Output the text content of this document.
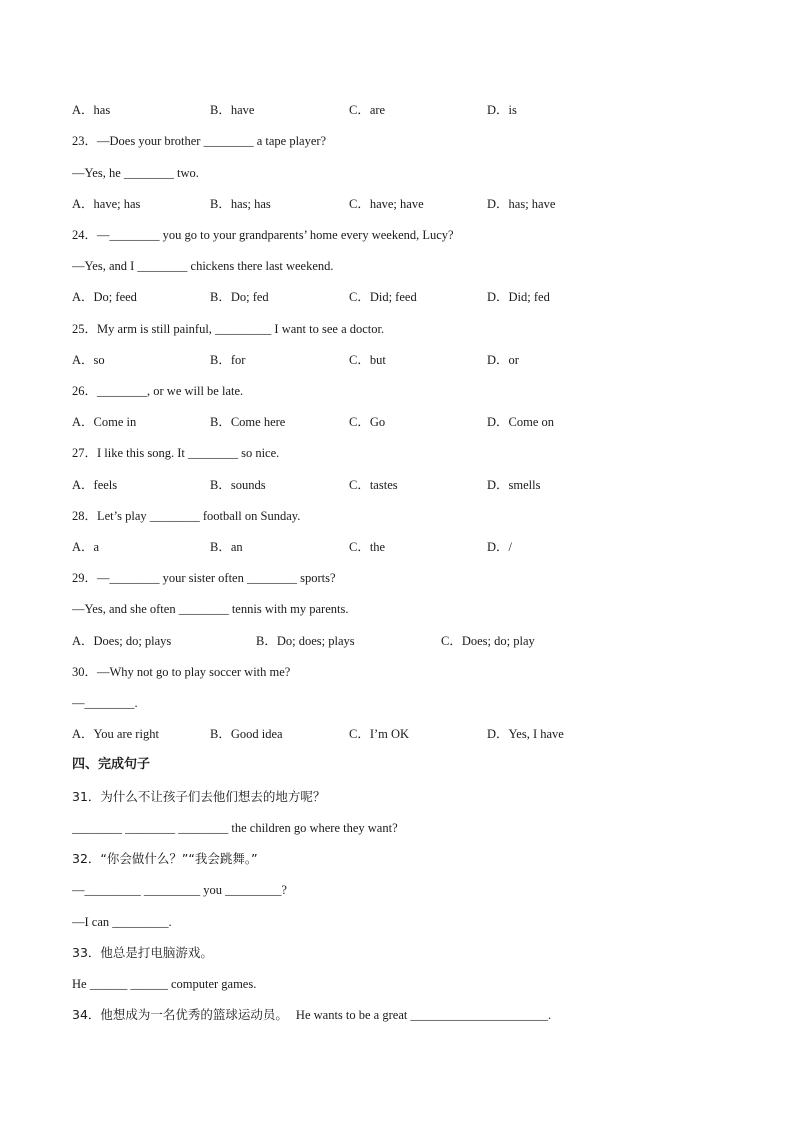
A．has	B．have	C．are	D．is
23．—Does your brother ________ a tape player?
—Yes, he ________ two.
A．have; has	B．has; has	C．have; have	D．has; have
24．—________ you go to your grandparents’ home every weekend, Lucy?
—Yes, and I ________ chickens there last weekend.
A．Do; feed	B．Do; fed	C．Did; feed	D．Did; fed
25．My arm is still painful, _________ I want to see a doctor.
A．so	B．for	C．but	D．or
26．________, or we will be late.
A．Come in	B．Come here	C．Go	D．Come on
27．I like this song. It ________ so nice.
A．feels	B．sounds	C．tastes	D．smells
28．Let’s play ________ football on Sunday.
A．a	B．an	C．the	D．/
29．—________ your sister often ________ sports?
—Yes, and she often ________ tennis with my parents.
A．Does; do; plays	B．Do; does; plays	C．Does; do; play
30．—Why not go to play soccer with me?
—________.
A．You are right	B．Good idea	C．I’m OK	D．Yes, I have
四、完成句子
31．为什么不让孩子们去他们想去的地方呢？
________ ________ ________ the children go where they want?
32．“你会做什么？”“我会跳舞。”
—_________ _________ you _________?
—I can _________.
33．他总是打电脑游戏。
He ______ ______ computer games.
34．他想成为一名优秀的篮球运动员。 He wants to be a great ______________________.
